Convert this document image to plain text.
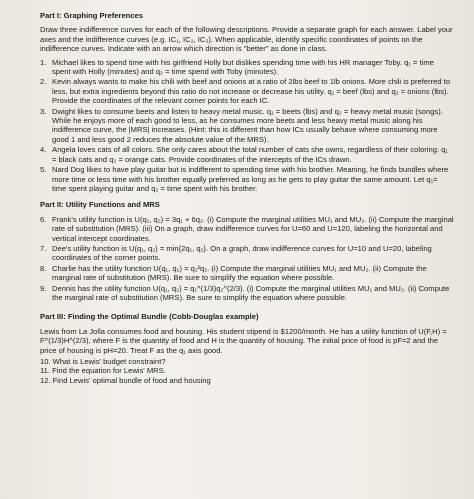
Part I: Graphing Preferences
Draw three indifference curves for each of the following descriptions. Provide a separate graph for each answer. Label your axes and the indifference curves (e.g. IC₁, IC₂, IC₃). When applicable, identify specific coordinates of points on the indifference curves. Indicate with an arrow which direction is "better" as done in class.
1. Michael likes to spend time with his girlfriend Holly but dislikes spending time with his HR manager Toby. q₁ = time spent with Holly (minutes) and q₂ = time spend with Toby (minutes).
2. Kevin always wants to make his chili with beef and onions at a ratio of 2lbs beef to 1lb onions. More chili is preferred to less, but extra ingredients beyond this ratio do not increase or decrease his utility. q₁ = beef (lbs) and q₂ = onions (lbs). Provide the coordinates of the relevant corner points for each IC.
3. Dwight likes to consume beets and listen to heavy metal music. q₁ = beets (lbs) and q₂ = heavy metal music (songs). While he enjoys more of each good to less, as he consumes more beets and less heavy metal music along his indifference curve, the |MRS| increases. (Hint: this is different than how ICs usually behave where consuming more good 1 and less good 2 reduces the absolute value of the MRS).
4. Angela loves cats of all colors. She only cares about the total number of cats she owns, regardless of their coloring. q₁ = black cats and q₂ = orange cats. Provide coordinates of the intercepts of the ICs drawn.
5. Nard Dog likes to have play guitar but is indifferent to spending time with his brother. Meaning, he finds bundles where more time or less time with his brother equally preferred as long as he gets to play guitar the same amount. Let q₁= time spent playing guitar and q₂ = time spent with his brother.
Part II: Utility Functions and MRS
6. Frank's utility function is U(q₁, q₂) = 3q₁ + 6q₂. (i) Compute the marginal utilities MU₁ and MU₂. (ii) Compute the marginal rate of substitution (MRS). (iii) On a graph, draw indifference curves for U=60 and U=120, labeling the horizontal and vertical intercept coordinates.
7. Dee's utility function is U(q₁, q₂) = min{2q₁, q₂}. On a graph, draw indifference curves for U=10 and U=20, labeling coordinates of the corner points.
8. Charlie has the utility function U(q₁, q₂) = q₁²q₂. (i) Compute the marginal utilities MU₁ and MU₂. (ii) Compute the marginal rate of substitution (MRS). Be sure to simplify the equation where possible.
9. Dennis has the utility function U(q₁, q₂) = q₁^(1/3)q₂^(2/3). (i) Compute the marginal utilities MU₁ and MU₂. (ii) Compute the marginal rate of substitution (MRS). Be sure to simplify the equation where possible.
Part III: Finding the Optimal Bundle (Cobb-Douglas example)
Lewis from La Jolla consumes food and housing. His student stipend is $1200/month. He has a utility function of U(F,H) = F^(1/3)H^(2/3), where F is the quantity of food and H is the quantity of housing. The initial price of food is pF=2 and the price of housing is pH=20. Treat F as the q₁ axis good.
10. What is Lewis' budget constraint?
11. Find the equation for Lewis' MRS.
12. Find Lewis' optimal bundle of food and housing
